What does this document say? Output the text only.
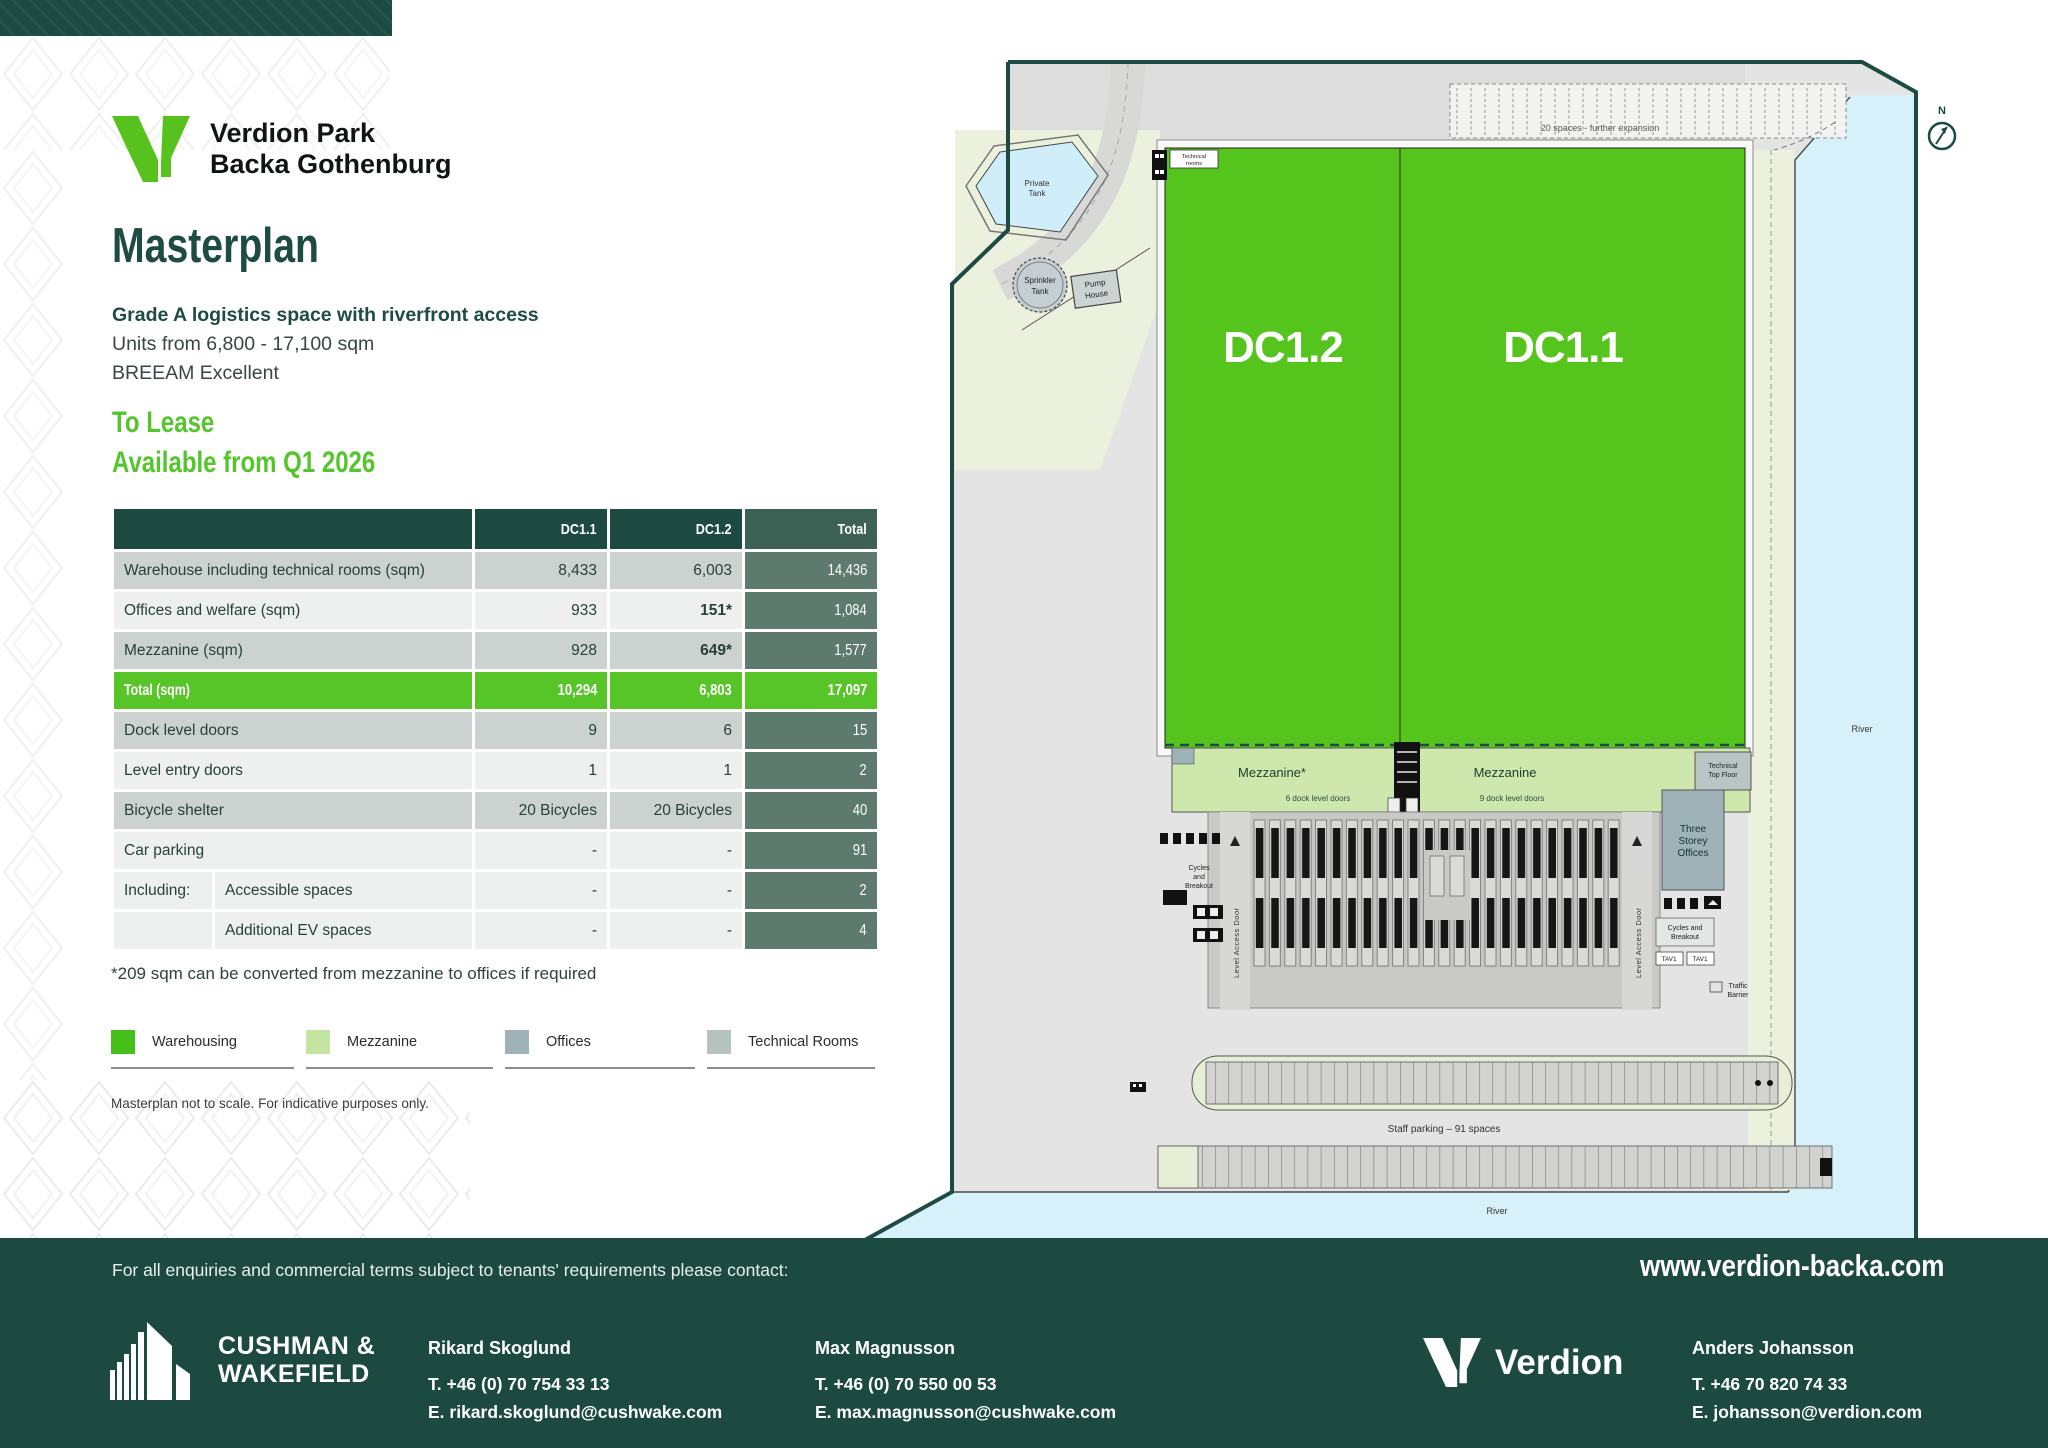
Verdion Park
Backa Gothenburg
Masterplan
Grade A logistics space with riverfront access
Units from 6,800 - 17,100 sqm
BREEAM Excellent
To Lease
Available from Q1 2026
	DC1.1	DC1.2	Total
Warehouse including technical rooms (sqm)	8,433	6,003	14,436
Offices and welfare (sqm)	933	151*	1,084
Mezzanine (sqm)	928	649*	1,577
Total (sqm)	10,294	6,803	17,097
Dock level doors	9	6	15
Level entry doors	1	1	2
Bicycle shelter	20 Bicycles	20 Bicycles	40
Car parking	-	-	91

Including: Accessible spaces	-	-	2

Additional EV spaces	-	-	4
*209 sqm can be converted from mezzanine to offices if required
Warehousing	Mezzanine	Offices	Technical Rooms
Masterplan not to scale. For indicative purposes only.
Private
Tank
Sprinkler
Tank
Pump
House
20 spaces - further expansion
DC1.2	DC1.1
Technical
rooms
Mezzanine*
6 dock level doors
Mezzanine
9 dock level doors
Technical
Top Floor
Three
Storey
Offices
Level Access Door	Level Access Door
Cycles
and
Breakout
Cycles and
Breakout
TAV1 TAV1
Traffic
Barrier
Staff parking – 91 spaces
River
River
N
For all enquiries and commercial terms subject to tenants' requirements please contact:
CUSHMAN &
WAKEFIELD
Rikard Skoglund
T. +46 (0) 70 754 33 13
E. rikard.skoglund@cushwake.com
Max Magnusson
T. +46 (0) 70 550 00 53
E. max.magnusson@cushwake.com
www.verdion-backa.com
Verdion	Anders Johansson
T. +46 70 820 74 33
E. johansson@verdion.com
